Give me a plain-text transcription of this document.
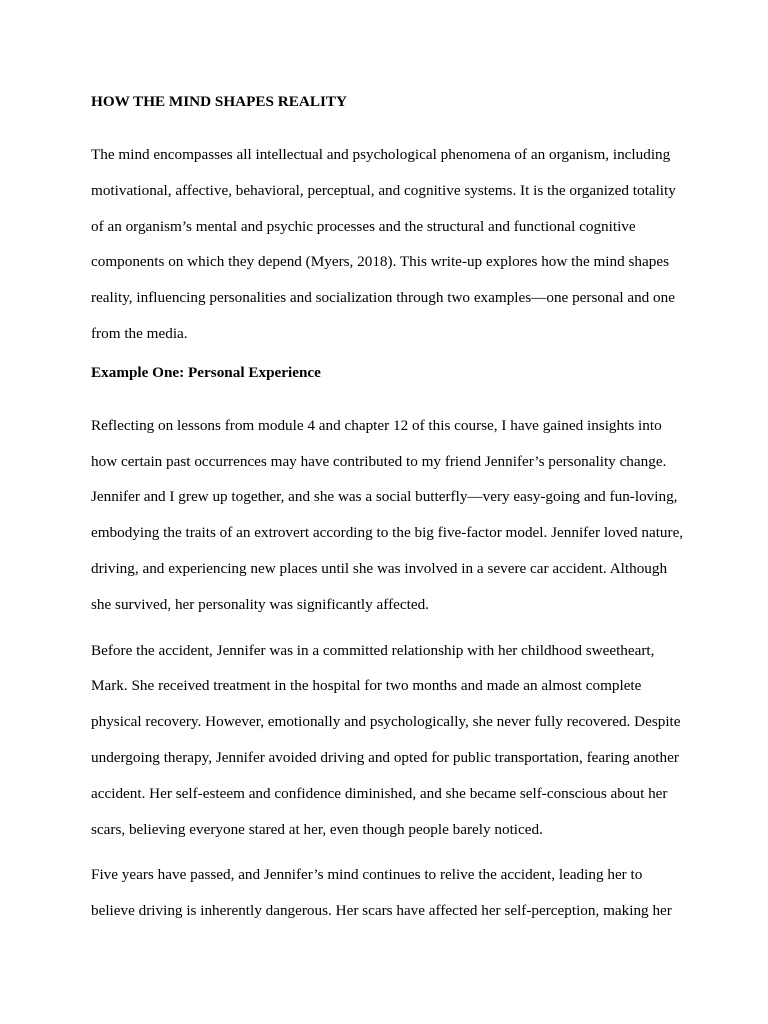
HOW THE MIND SHAPES REALITY

The mind encompasses all intellectual and psychological phenomena of an organism, including
motivational, affective, behavioral, perceptual, and cognitive systems. It is the organized totality
of an organism’s mental and psychic processes and the structural and functional cognitive
components on which they depend (Myers, 2018). This write-up explores how the mind shapes
reality, influencing personalities and socialization through two examples—one personal and one
from the media.

Example One: Personal Experience

Reflecting on lessons from module 4 and chapter 12 of this course, I have gained insights into
how certain past occurrences may have contributed to my friend Jennifer’s personality change.
Jennifer and I grew up together, and she was a social butterfly—very easy-going and fun-loving,
embodying the traits of an extrovert according to the big five-factor model. Jennifer loved nature,
driving, and experiencing new places until she was involved in a severe car accident. Although
she survived, her personality was significantly affected.

Before the accident, Jennifer was in a committed relationship with her childhood sweetheart,
Mark. She received treatment in the hospital for two months and made an almost complete
physical recovery. However, emotionally and psychologically, she never fully recovered. Despite
undergoing therapy, Jennifer avoided driving and opted for public transportation, fearing another
accident. Her self-esteem and confidence diminished, and she became self-conscious about her
scars, believing everyone stared at her, even though people barely noticed.

Five years have passed, and Jennifer’s mind continues to relive the accident, leading her to
believe driving is inherently dangerous. Her scars have affected her self-perception, making her
